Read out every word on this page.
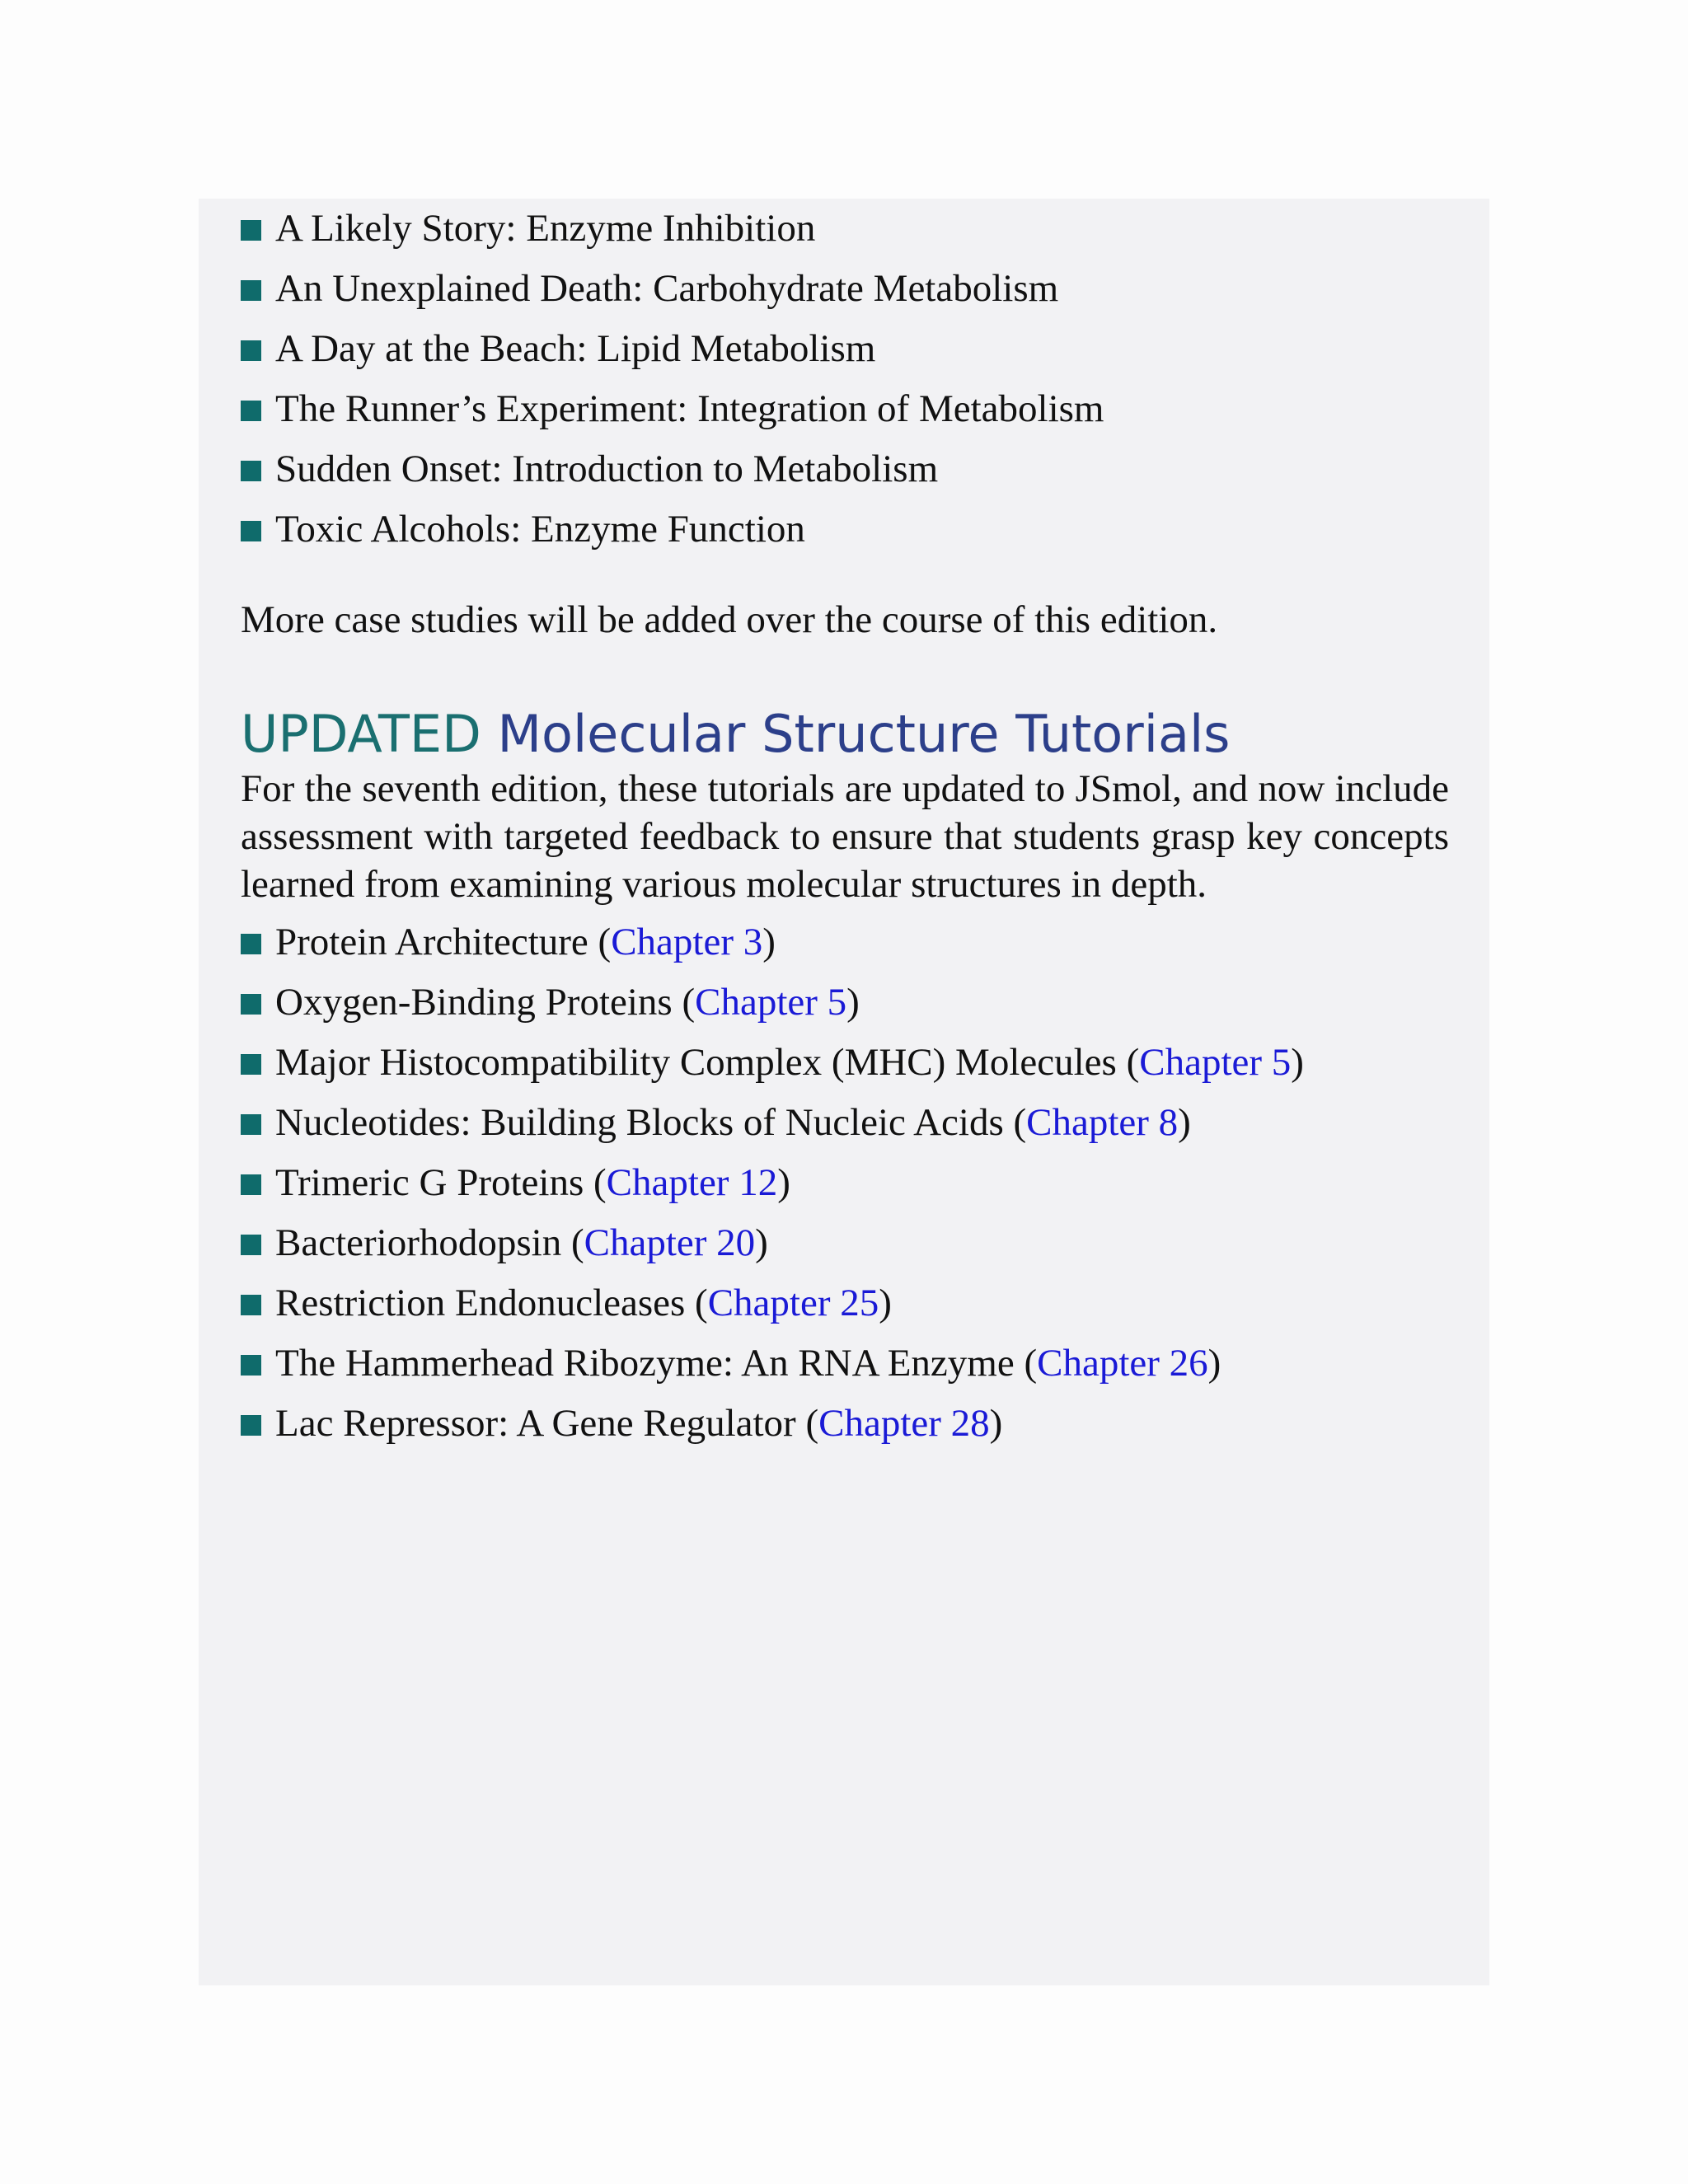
A Likely Story: Enzyme Inhibition
An Unexplained Death: Carbohydrate Metabolism
A Day at the Beach: Lipid Metabolism
The Runner’s Experiment: Integration of Metabolism
Sudden Onset: Introduction to Metabolism
Toxic Alcohols: Enzyme Function

More case studies will be added over the course of this edition.

UPDATED Molecular Structure Tutorials

For the seventh edition, these tutorials are updated to JSmol, and now include assessment with targeted feedback to ensure that students grasp key concepts learned from examining various molecular structures in depth.

Protein Architecture ( Chapter 3 )
Oxygen-Binding Proteins ( Chapter 5 )
Major Histocompatibility Complex (MHC) Molecules ( Chapter 5 )
Nucleotides: Building Blocks of Nucleic Acids ( Chapter 8 )
Trimeric G Proteins ( Chapter 12 )
Bacteriorhodopsin ( Chapter 20 )
Restriction Endonucleases ( Chapter 25 )
The Hammerhead Ribozyme: An RNA Enzyme ( Chapter 26 )
Lac Repressor: A Gene Regulator ( Chapter 28 )
